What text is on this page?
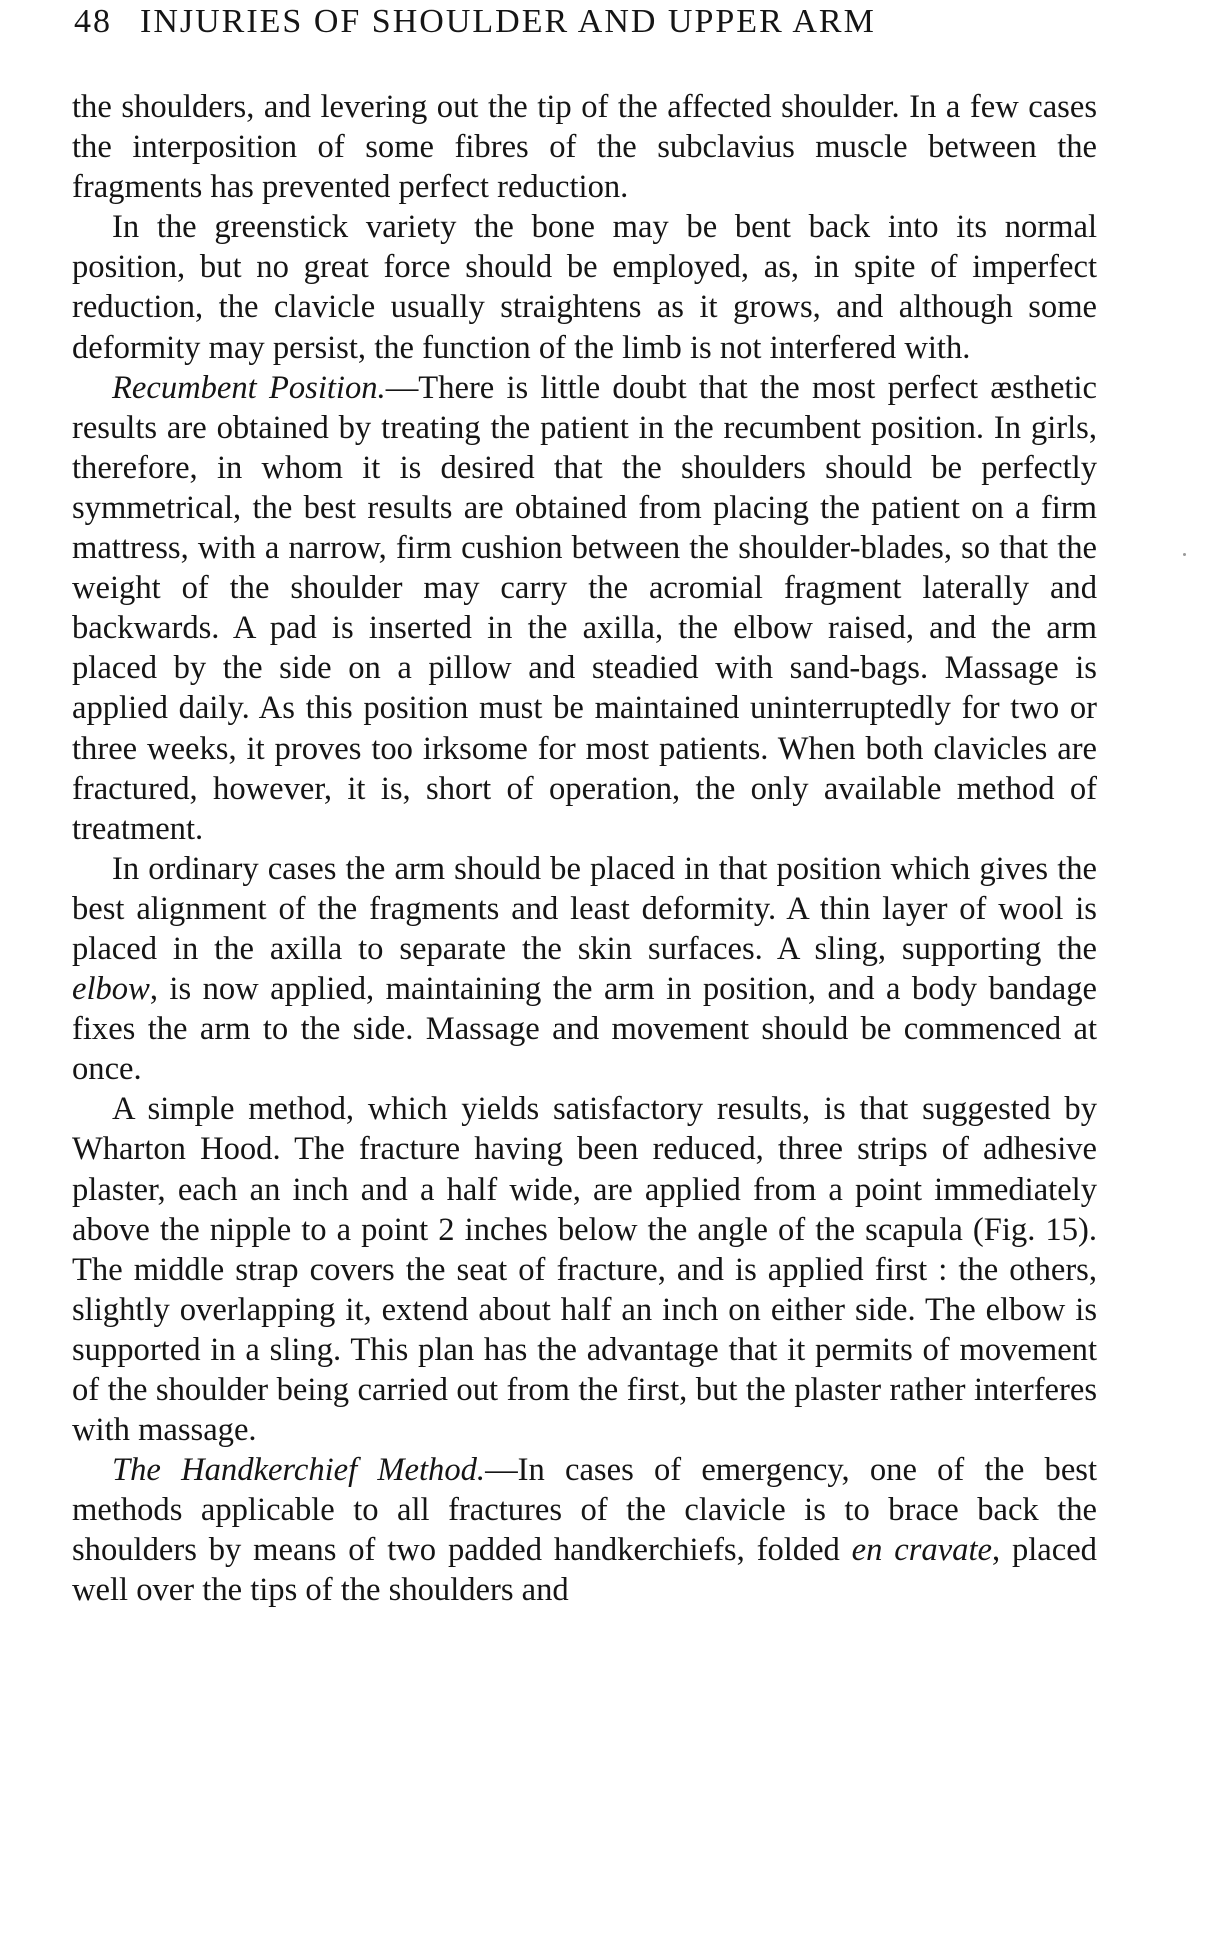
48 INJURIES OF SHOULDER AND UPPER ARM

the shoulders, and levering out the tip of the affected shoulder. In a few cases the interposition of some fibres of the subclavius muscle between the fragments has prevented perfect reduction.

In the greenstick variety the bone may be bent back into its normal position, but no great force should be employed, as, in spite of imperfect reduction, the clavicle usually straightens as it grows, and although some deformity may persist, the function of the limb is not interfered with.

Recumbent Position.—There is little doubt that the most perfect æsthetic results are obtained by treating the patient in the recumbent position. In girls, therefore, in whom it is desired that the shoulders should be perfectly symmetrical, the best results are obtained from placing the patient on a firm mattress, with a narrow, firm cushion between the shoulder-blades, so that the weight of the shoulder may carry the acromial fragment laterally and backwards. A pad is inserted in the axilla, the elbow raised, and the arm placed by the side on a pillow and steadied with sand-bags. Massage is applied daily. As this position must be maintained uninterruptedly for two or three weeks, it proves too irksome for most patients. When both clavicles are fractured, however, it is, short of operation, the only available method of treatment.

In ordinary cases the arm should be placed in that position which gives the best alignment of the fragments and least deformity. A thin layer of wool is placed in the axilla to separate the skin surfaces. A sling, supporting the elbow, is now applied, maintaining the arm in position, and a body bandage fixes the arm to the side. Massage and movement should be commenced at once.

A simple method, which yields satisfactory results, is that suggested by Wharton Hood. The fracture having been reduced, three strips of adhesive plaster, each an inch and a half wide, are applied from a point immediately above the nipple to a point 2 inches below the angle of the scapula (Fig. 15). The middle strap covers the seat of fracture, and is applied first : the others, slightly overlapping it, extend about half an inch on either side. The elbow is supported in a sling. This plan has the advantage that it permits of movement of the shoulder being carried out from the first, but the plaster rather interferes with massage.

The Handkerchief Method.—In cases of emergency, one of the best methods applicable to all fractures of the clavicle is to brace back the shoulders by means of two padded handkerchiefs, folded en cravate, placed well over the tips of the shoulders and
